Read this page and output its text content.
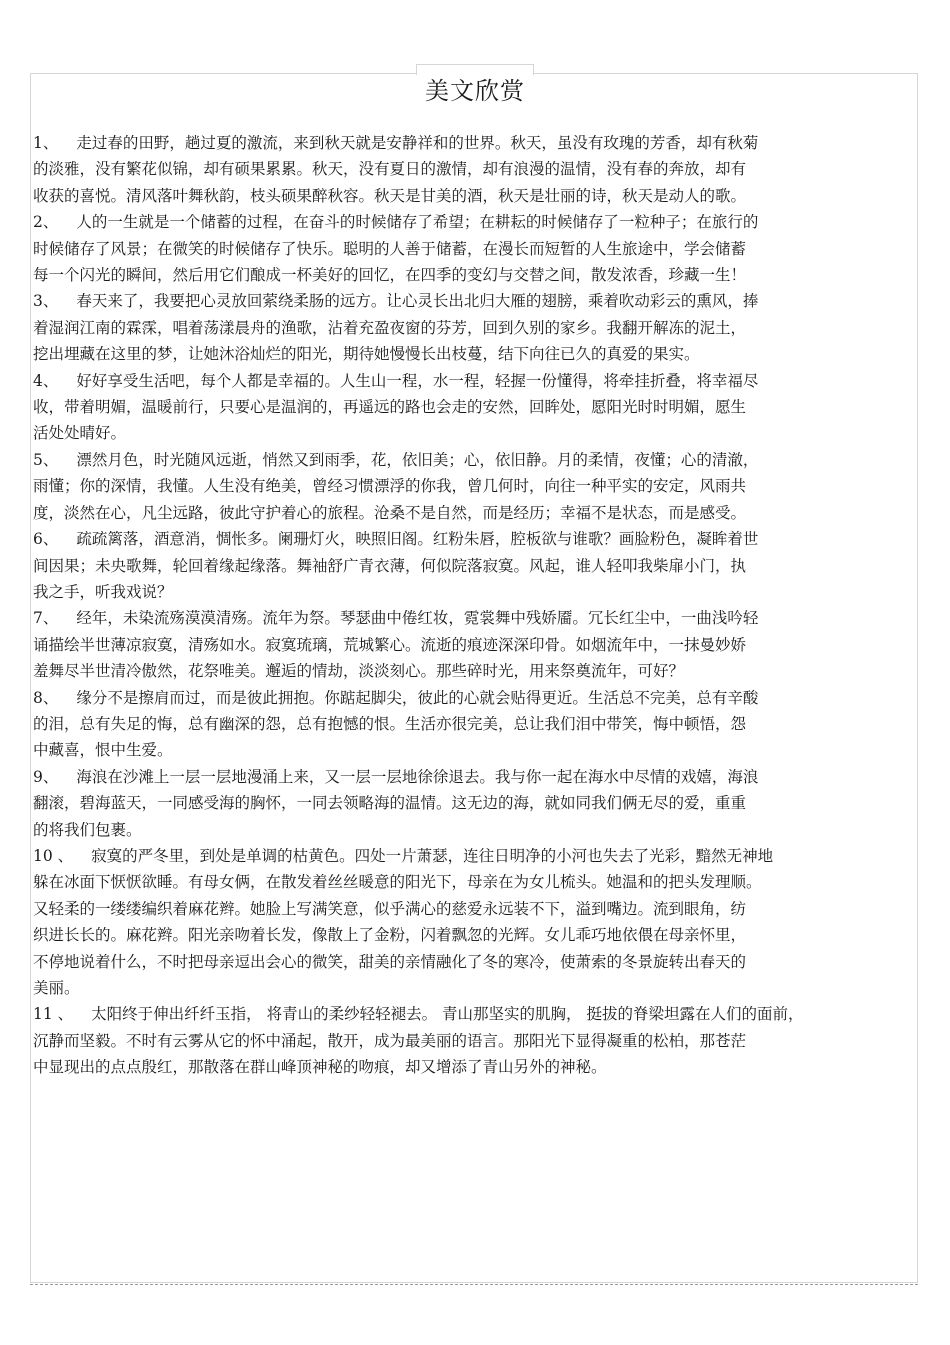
美文欣赏
1、 走过春的田野，趟过夏的激流，来到秋天就是安静祥和的世界。秋天，虽没有玫瑰的芳香，却有秋菊
的淡雅，没有繁花似锦，却有硕果累累。秋天，没有夏日的激情，却有浪漫的温情，没有春的奔放，却有
收获的喜悦。清风落叶舞秋韵，枝头硕果醉秋容。秋天是甘美的酒，秋天是壮丽的诗，秋天是动人的歌。
2、 人的一生就是一个储蓄的过程，在奋斗的时候储存了希望；在耕耘的时候储存了一粒种子；在旅行的
时候储存了风景；在微笑的时候储存了快乐。聪明的人善于储蓄，在漫长而短暂的人生旅途中，学会储蓄
每一个闪光的瞬间，然后用它们酿成一杯美好的回忆，在四季的变幻与交替之间，散发浓香，珍藏一生！
3、 春天来了，我要把心灵放回萦绕柔肠的远方。让心灵长出北归大雁的翅膀，乘着吹动彩云的熏风，捧
着湿润江南的霖霂，唱着荡漾晨舟的渔歌，沾着充盈夜窗的芬芳，回到久别的家乡。我翻开解冻的泥土，
挖出埋藏在这里的梦，让她沐浴灿烂的阳光，期待她慢慢长出枝蔓，结下向往已久的真爱的果实。
4、 好好享受生活吧，每个人都是幸福的。人生山一程，水一程，轻握一份懂得，将牵挂折叠，将幸福尽
收，带着明媚，温暖前行，只要心是温润的，再遥远的路也会走的安然，回眸处，愿阳光时时明媚，愿生
活处处晴好。
5、 漂然月色，时光随风远逝，悄然又到雨季，花，依旧美；心，依旧静。月的柔情，夜懂；心的清澈，
雨懂；你的深情，我懂。人生没有绝美，曾经习惯漂浮的你我，曾几何时，向往一种平实的安定，风雨共
度，淡然在心，凡尘远路，彼此守护着心的旅程。沧桑不是自然，而是经历；幸福不是状态，而是感受。
6、 疏疏篱落，酒意消，惆怅多。阑珊灯火，映照旧阁。红粉朱唇，腔板欲与谁歌？画脸粉色，凝眸着世
间因果；未央歌舞，轮回着缘起缘落。舞袖舒广青衣薄，何似院落寂寞。风起，谁人轻叩我柴扉小门，执
我之手，听我戏说？
7、 经年，未染流殇漠漠清殇。流年为祭。琴瑟曲中倦红妆，霓裳舞中残娇靥。冗长红尘中，一曲浅吟轻
诵描绘半世薄凉寂寞，清殇如水。寂寞琉璃，荒城繁心。流逝的痕迹深深印骨。如烟流年中，一抹曼妙娇
羞舞尽半世清冷傲然，花祭唯美。邂逅的情劫，淡淡刻心。那些碎时光，用来祭奠流年，可好？
8、 缘分不是擦肩而过，而是彼此拥抱。你踮起脚尖，彼此的心就会贴得更近。生活总不完美，总有辛酸
的泪，总有失足的悔，总有幽深的怨，总有抱憾的恨。生活亦很完美，总让我们泪中带笑，悔中顿悟，怨
中藏喜，恨中生爱。
9、 海浪在沙滩上一层一层地漫涌上来，又一层一层地徐徐退去。我与你一起在海水中尽情的戏嬉，海浪
翻滚，碧海蓝天，一同感受海的胸怀，一同去领略海的温情。这无边的海，就如同我们俩无尽的爱，重重
的将我们包裹。
10 、 寂寞的严冬里，到处是单调的枯黄色。四处一片萧瑟，连往日明净的小河也失去了光彩，黯然无神地
躲在冰面下恹恹欲睡。有母女俩，在散发着丝丝暖意的阳光下，母亲在为女儿梳头。她温和的把头发理顺。
又轻柔的一缕缕编织着麻花辫。她脸上写满笑意，似乎满心的慈爱永远装不下，溢到嘴边。流到眼角，纺
织进长长的。麻花辫。阳光亲吻着长发，像散上了金粉，闪着飘忽的光辉。女儿乖巧地依偎在母亲怀里，
不停地说着什么，不时把母亲逗出会心的微笑，甜美的亲情融化了冬的寒冷，使萧索的冬景旋转出春天的
美丽。
11 、 太阳终于伸出纤纤玉指， 将青山的柔纱轻轻褪去。 青山那坚实的肌胸， 挺拔的脊梁坦露在人们的面前，
沉静而坚毅。不时有云雾从它的怀中涌起，散开，成为最美丽的语言。那阳光下显得凝重的松柏，那苍茫
中显现出的点点殷红，那散落在群山峰顶神秘的吻痕，却又增添了青山另外的神秘。
